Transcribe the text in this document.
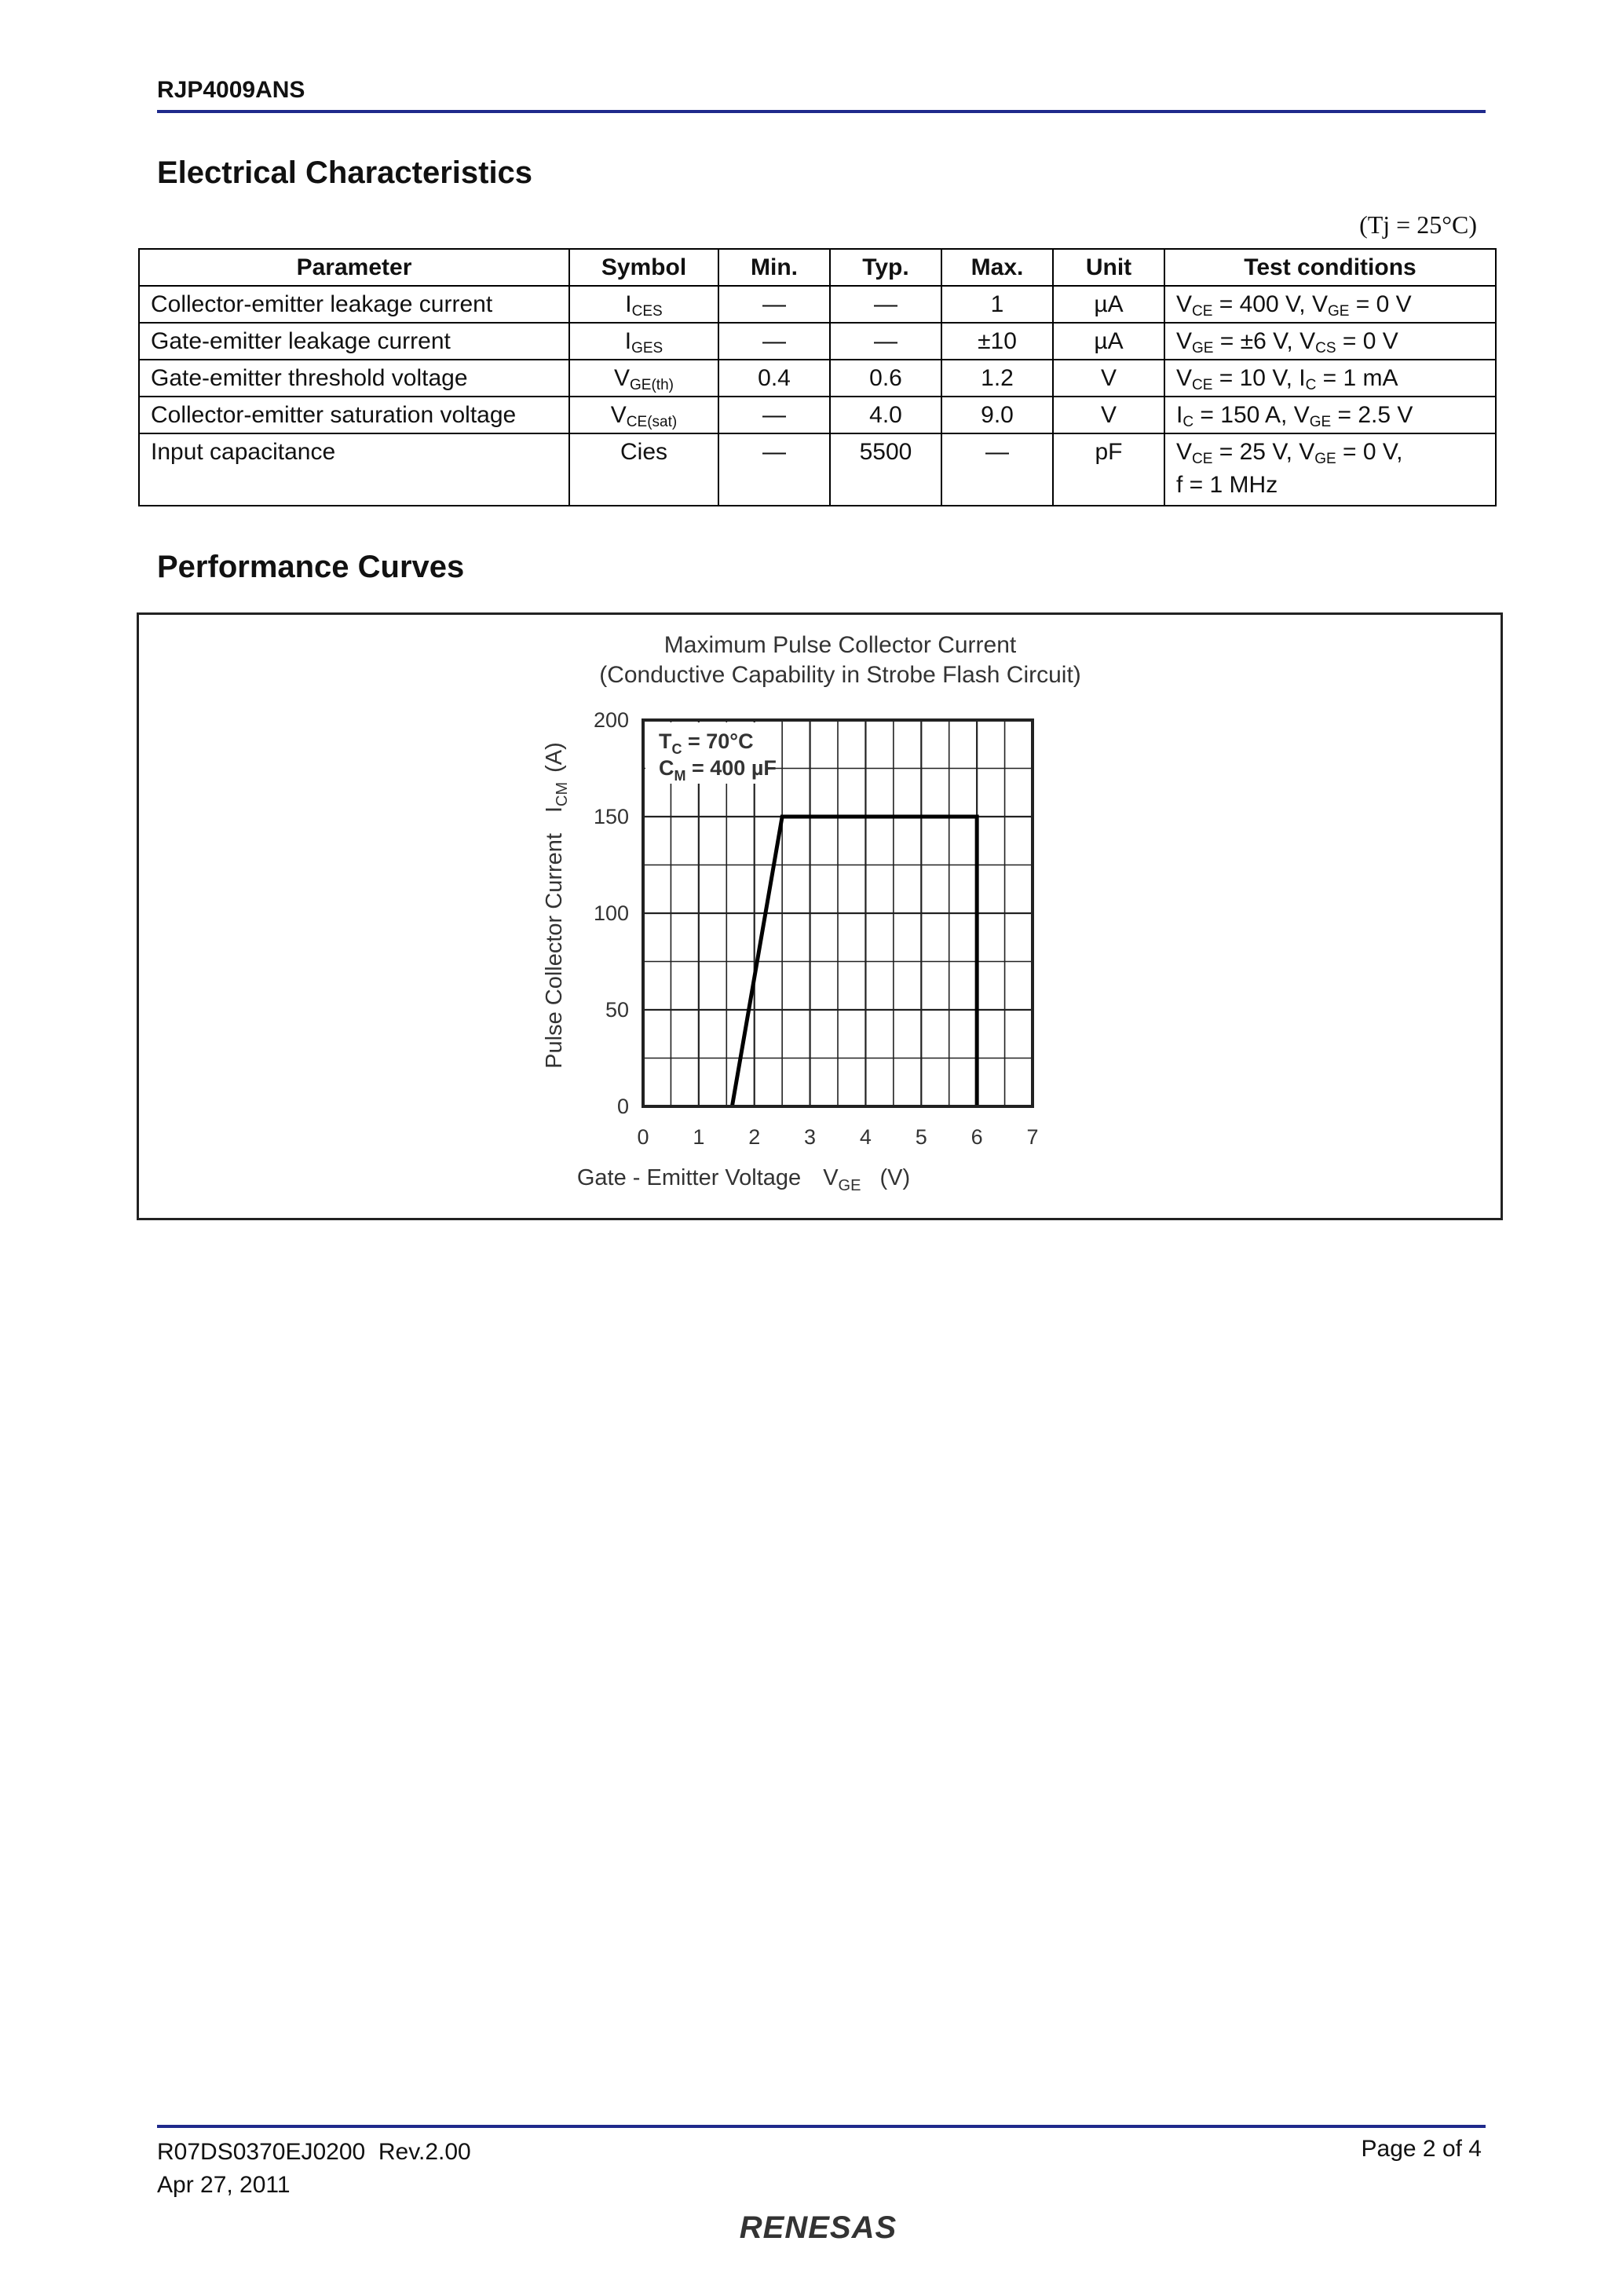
RJP4009ANS
Electrical Characteristics
(Tj = 25°C)
Parameter	Symbol	Min.	Typ.	Max.	Unit	Test conditions
Collector-emitter leakage current	$I_{CES}$	—	—	1	µA	$V_{CE} = 400$ V, $V_{GE} = 0$ V
Gate-emitter leakage current	$I_{GES}$	—	—	±10	µA	$V_{GE} = \pm 6$ V, $V_{CS} = 0$ V
Gate-emitter threshold voltage	$V_{GE(th)}$	0.4	0.6	1.2	V	$V_{CE} = 10$ V, $I_C = 1$ mA
Collector-emitter saturation voltage	$V_{CE(sat)}$	—	4.0	9.0	V	$I_C = 150$ A, $V_{GE} = 2.5$ V
Input capacitance	Cies	—	5500	—	pF	$V_{CE} = 25$ V, $V_{GE} = 0$ V,
f = 1 MHz
Performance Curves
Maximum Pulse Collector Current
(Conductive Capability in Strobe Flash Circuit)
0 1 2 3 4 5 6 7
0
50
100
150
200
$T_C = 70^\circ C$
$C_M = 400$ µF
Gate - Emitter Voltage $V_{GE}$ (V)
Pulse Collector CurrentI$_{CM}$(A)
R07DS0370EJ0200 Rev.2.00
Apr 27, 2011
Page 2 of 4
RENESAS
